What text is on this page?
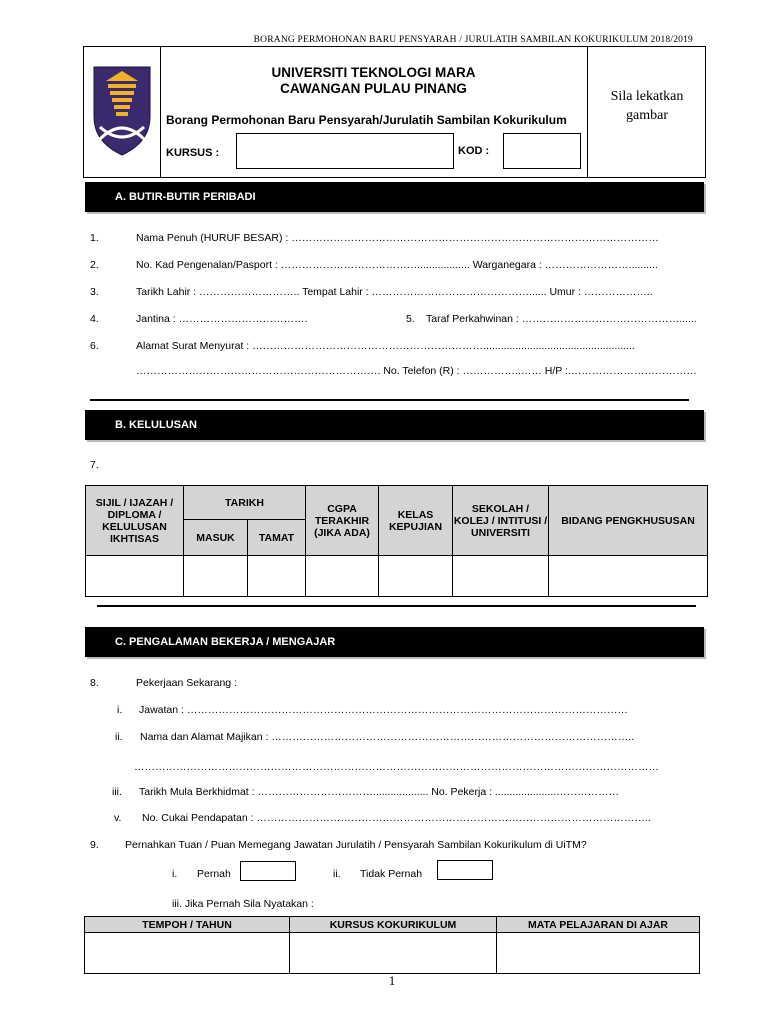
BORANG PERMOHONAN BARU PENSYARAH / JURULATIH SAMBILAN KOKURIKULUM 2018/2019
UNIVERSITI TEKNOLOGI MARA
CAWANGAN PULAU PINANG
Borang Permohonan Baru Pensyarah/Jurulatih Sambilan Kokurikulum
KURSUS :	KOD :
Sila lekatkan
gambar
A. BUTIR-BUTIR PERIBADI
1.	Nama Penuh (HURUF BESAR) : ……………………………………………………………………………………………
2.	No. Kad Pengenalan/Pasport : ………………………………….................. Warganegara : ……………………..........
3.	Tarikh Lahir : ……………………….. Tempat Lahir : ………………………………………...... Umur : ………………..
4.	Jantina : ……………………………….	5. Taraf Perkahwinan : ………………………………………......
6.	Alamat Surat Menyurat : …………………………………………………………....................................................
……………………………………………………………. No. Telefon (R) : ……………..…… H/P :.………………………………
B. KELULUSAN
7.
SIJIL / IJAZAH / DIPLOMA / KELULUSAN IKHTISAS	TARIKH		CGPA TERAKHIR (JIKA ADA)	KELAS KEPUJIAN	SEKOLAH / KOLEJ / INTITUSI / UNIVERSITI	BIDANG PENGKHUSUSAN
	MASUK	TAMAT				

C. PENGALAMAN BEKERJA / MENGAJAR
8.	Pekerjaan Sekarang :
i. Jawatan : ………………………………………………………………………………………………………………
ii. Nama dan Alamat Majikan : …………………………………………………………………………………………..
……………………………………………………………………………………………………………………………………
iii. Tarikh Mula Berkhidmat : ……………………………................... No. Pekerja : .....................………………
v. No. Cukai Pendapatan : …………………………………………………………………………………………………..
9. Pernahkan Tuan / Puan Memegang Jawatan Jurulatih / Pensyarah Sambilan Kokurikulum di UiTM?
i. Pernah	ii. Tidak Pernah
iii. Jika Pernah Sila Nyatakan :
TEMPOH / TAHUN	KURSUS KOKURIKULUM	MATA PELAJARAN DI AJAR

1
